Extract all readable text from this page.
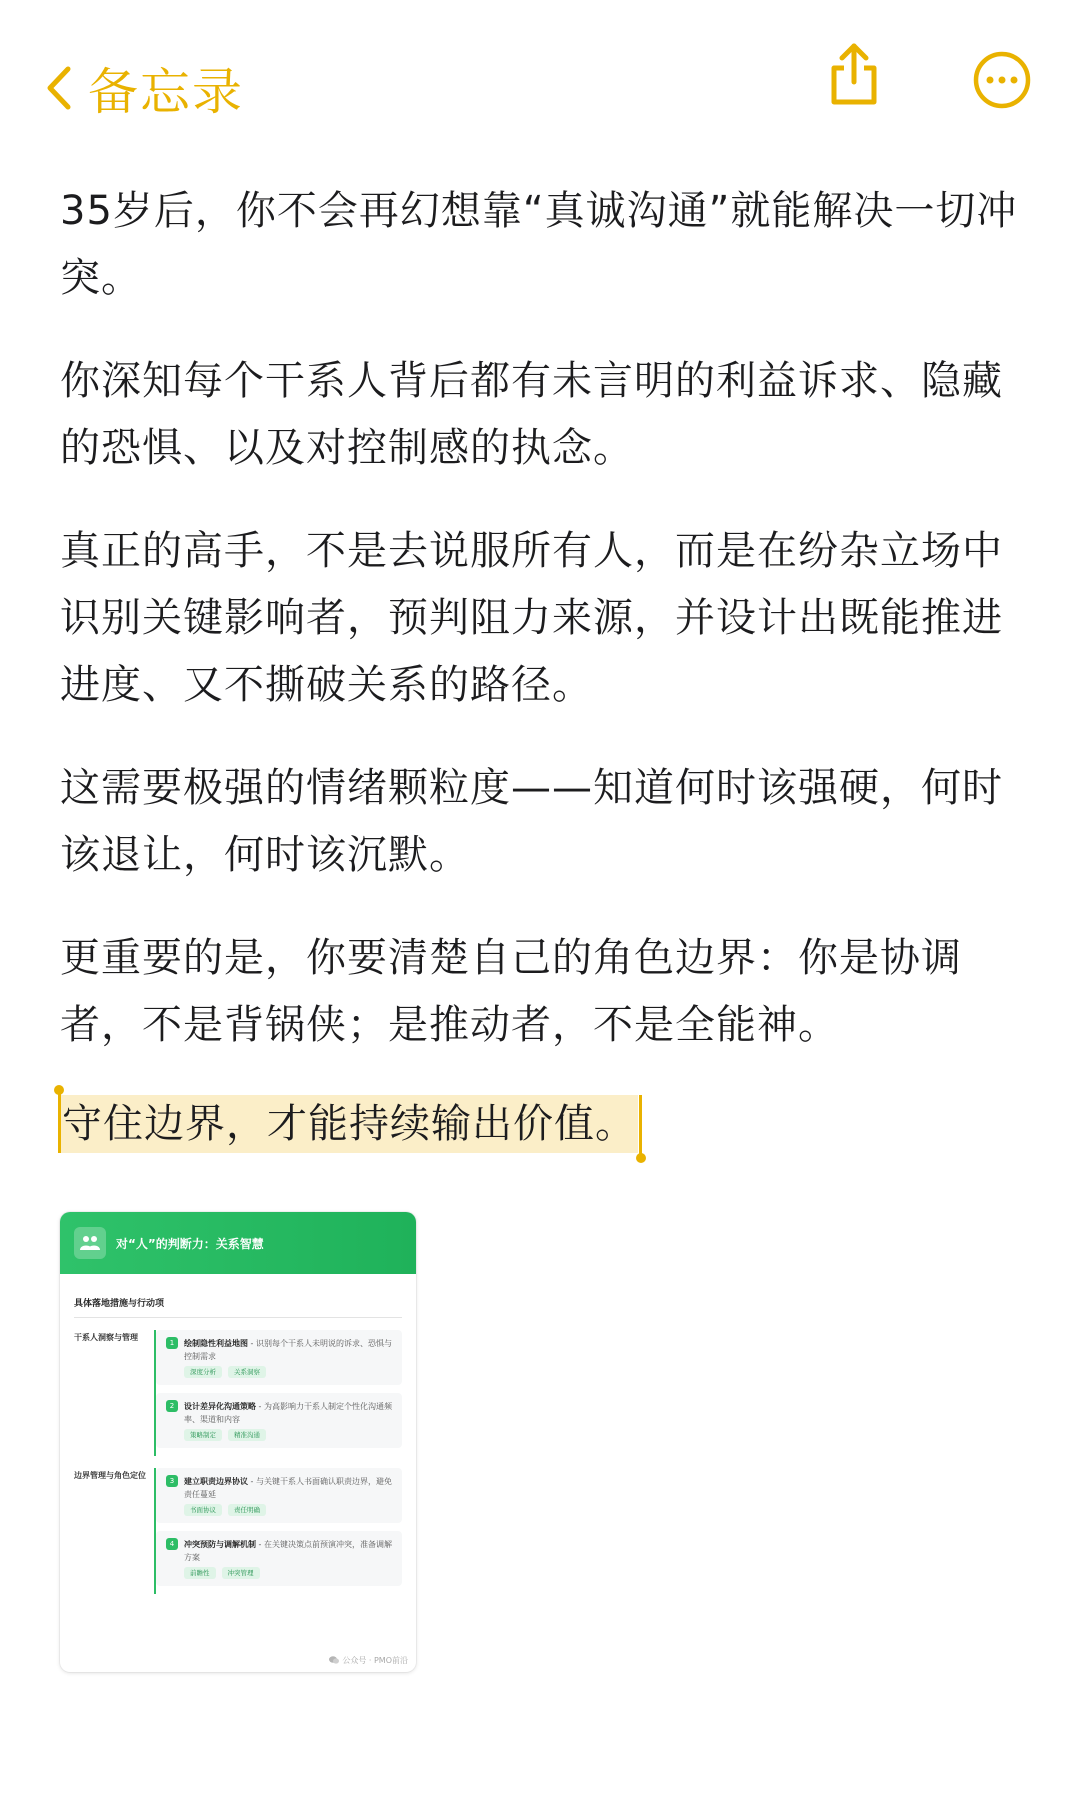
备忘录

35岁后，你不会再幻想靠“真诚沟通”就能解决一切冲突。

你深知每个干系人背后都有未言明的利益诉求、隐藏的恐惧、以及对控制感的执念。

真正的高手，不是去说服所有人，而是在纷杂立场中识别关键影响者，预判阻力来源，并设计出既能推进进度、又不撕破关系的路径。

这需要极强的情绪颗粒度——知道何时该强硬，何时该退让，何时该沉默。

更重要的是，你要清楚自己的角色边界：你是协调者，不是背锅侠；是推动者，不是全能神。

守住边界，才能持续输出价值。
对“人”的判断力：关系智慧
具体落地措施与行动项
干系人洞察与管理
1	绘制隐性利益地图 - 识别每个干系人未明说的诉求、恐惧与控制需求
深度分析	关系洞察
2	设计差异化沟通策略 - 为高影响力干系人制定个性化沟通频率、渠道和内容
策略制定	精准沟通
边界管理与角色定位
3	建立职责边界协议 - 与关键干系人书面确认职责边界，避免责任蔓延
书面协议	责任明确
4	冲突预防与调解机制 - 在关键决策点前预演冲突，准备调解方案
前瞻性	冲突管理
公众号 · PMO前沿
